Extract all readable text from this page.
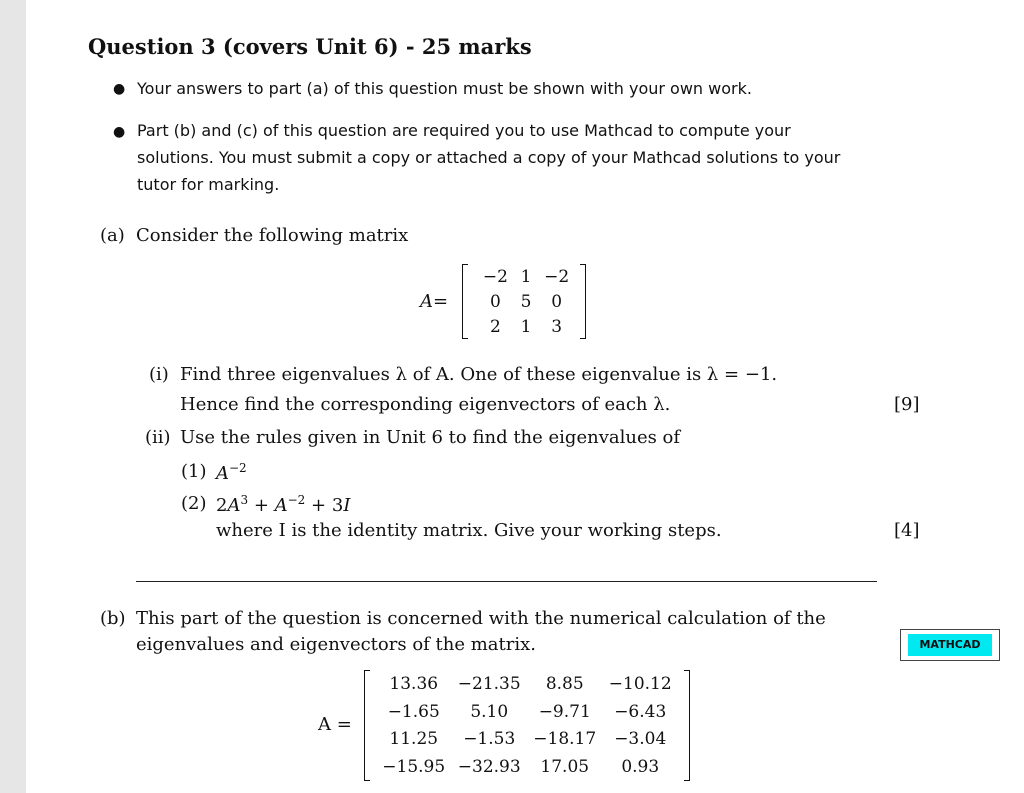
Question 3 (covers Unit 6) - 25 marks
● Your answers to part (a) of this question must be shown with your own work.
● Part (b) and (c) of this question are required you to use Mathcad to compute your
solutions. You must submit a copy or attached a copy of your Mathcad solutions to your
tutor for marking.
(a) Consider the following matrix
A=
−2	1	−2
0	5	0
2	1	3
(i) Find three eigenvalues λ of A. One of these eigenvalue is λ = −1.
Hence find the corresponding eigenvectors of each λ.	[9]
(ii) Use the rules given in Unit 6 to find the eigenvalues of
(1) $A^{-2}$
(2) $2A^3 + A^{-2} + 3I$
where I is the identity matrix. Give your working steps.	[4]
(b) This part of the question is concerned with the numerical calculation of the
eigenvalues and eigenvectors of the matrix.	MATHCAD
A =
13.36	−21.35	8.85	−10.12
−1.65	5.10	−9.71	−6.43
11.25	−1.53	−18.17	−3.04
−15.95	−32.93	17.05	0.93
